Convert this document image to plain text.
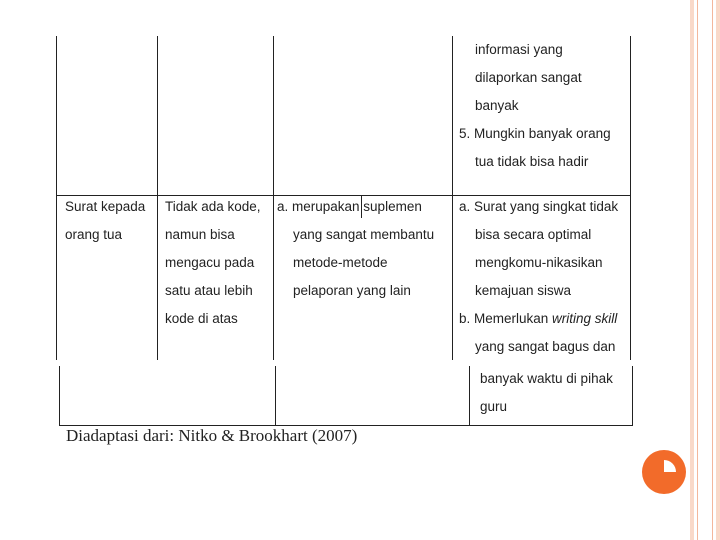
informasi yang
dilaporkan sangat
banyak
5. Mungkin banyak orang
tua tidak bisa hadir
Surat kepada
orang tua
Tidak ada kode,
namun bisa
mengacu pada
satu atau lebih
kode di atas
a. merupakan suplemen
yang sangat membantu
metode-metode
pelaporan yang lain
a. Surat yang singkat tidak
bisa secara optimal
mengkomu-nikasikan
kemajuan siswa
b. Memerlukan writing skill
yang sangat bagus dan
banyak waktu di pihak
guru
Diadaptasi dari: Nitko & Brookhart (2007)
